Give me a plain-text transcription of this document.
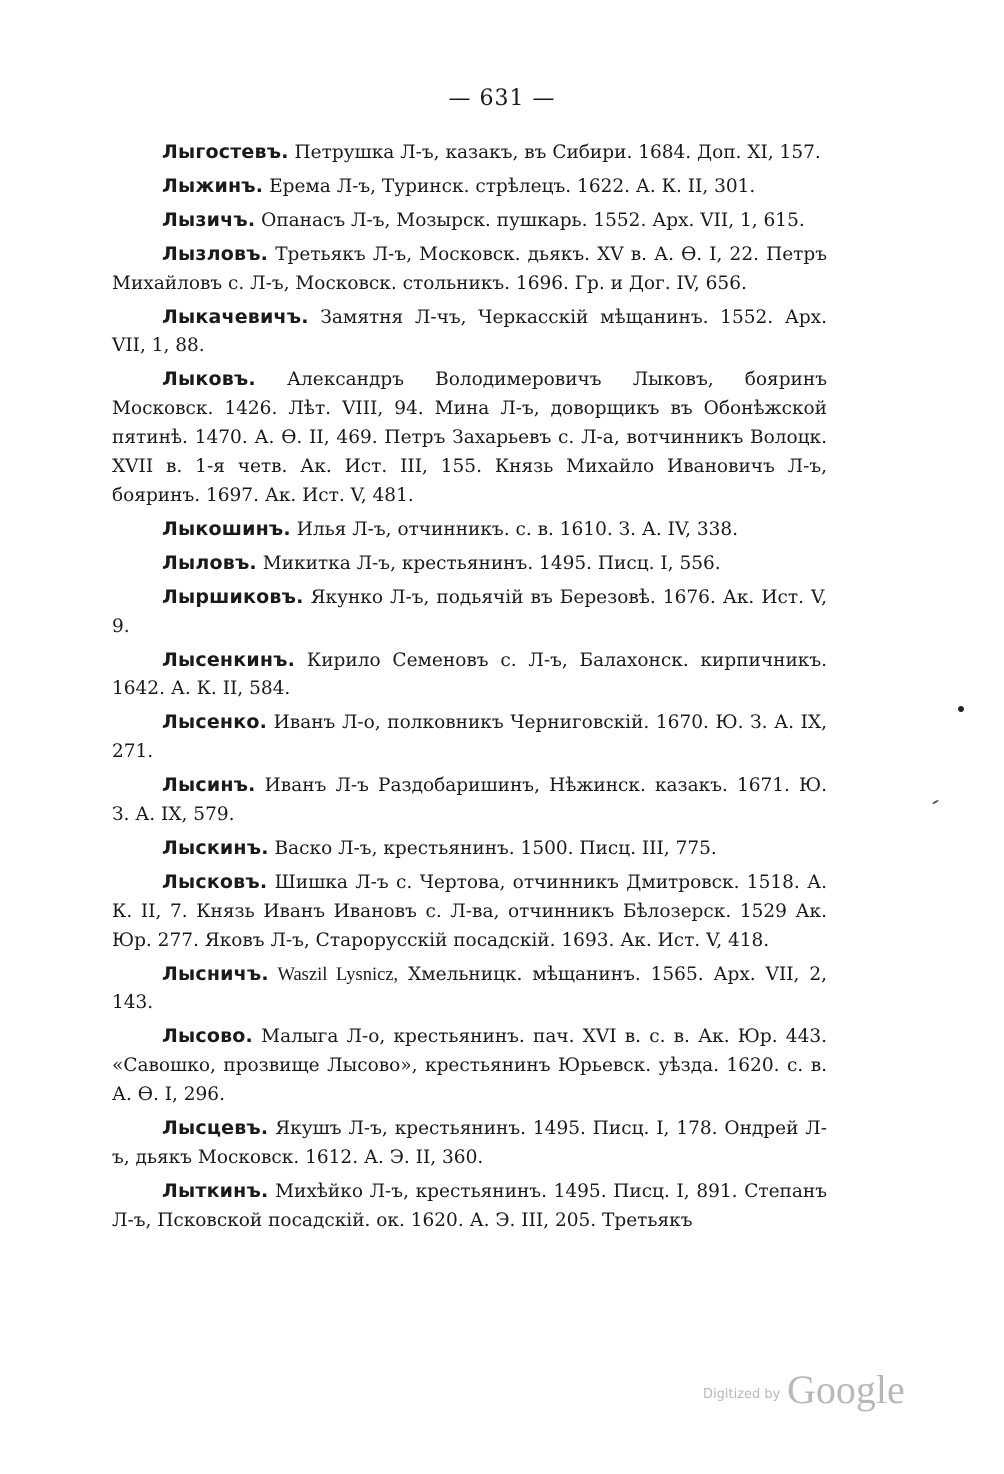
— 631 —

Лыгостевъ. Петрушка Л-ъ, казакъ, въ Сибири. 1684. Доп. XI, 157.

Лыжинъ. Ерема Л-ъ, Туринск. стрѣлецъ. 1622. А. К. II, 301.

Лызичъ. Опанасъ Л-ъ, Мозырск. пушкарь. 1552. Арх. VII, 1, 615.

Лызловъ. Третьякъ Л-ъ, Московск. дьякъ. XV в. А. Ѳ. I, 22. Петръ Михайловъ с. Л-ъ, Московск. стольникъ. 1696. Гр. и Дог. IV, 656.

Лыкачевичъ. Замятня Л-чъ, Черкасскій мѣщанинъ. 1552. Арх. VII, 1, 88.

Лыковъ. Александръ Володимеровичъ Лыковъ, бояринъ Московск. 1426. Лѣт. VIII, 94. Мина Л-ъ, доворщикъ въ Обонѣжской пятинѣ. 1470. А. Ѳ. II, 469. Петръ Захарьевъ с. Л-а, вотчинникъ Волоцк. XVII в. 1-я четв. Ак. Ист. III, 155. Князь Михайло Ивановичъ Л-ъ, бояринъ. 1697. Ак. Ист. V, 481.

Лыкошинъ. Илья Л-ъ, отчинникъ. с. в. 1610. З. А. IV, 338.

Лыловъ. Микитка Л-ъ, крестьянинъ. 1495. Писц. I, 556.

Лыршиковъ. Якунко Л-ъ, подьячій въ Березовѣ. 1676. Ак. Ист. V, 9.

Лысенкинъ. Кирило Семеновъ с. Л-ъ, Балахонск. кирпичникъ. 1642. А. К. II, 584.

Лысенко. Иванъ Л-о, полковникъ Черниговскій. 1670. Ю. З. А. IX, 271.

Лысинъ. Иванъ Л-ъ Раздобаришинъ, Нѣжинск. казакъ. 1671. Ю. З. А. IX, 579.

Лыскинъ. Васко Л-ъ, крестьянинъ. 1500. Писц. III, 775.

Лысковъ. Шишка Л-ъ с. Чертова, отчинникъ Дмитровск. 1518. А. К. II, 7. Князь Иванъ Ивановъ с. Л-ва, отчинникъ Бѣлозерск. 1529 Ак. Юр. 277. Яковъ Л-ъ, Старорусскій посадскій. 1693. Ак. Ист. V, 418.

Лысничъ. Waszil Lysnicz, Хмельницк. мѣщанинъ. 1565. Арх. VII, 2, 143.

Лысово. Малыга Л-о, крестьянинъ. пач. XVI в. с. в. Ак. Юр. 443. «Савошко, прозвище Лысово», крестьянинъ Юрьевск. уѣзда. 1620. с. в. А. Ѳ. I, 296.

Лысцевъ. Якушъ Л-ъ, крестьянинъ. 1495. Писц. I, 178. Ондрей Л-ъ, дьякъ Московск. 1612. А. Э. II, 360.

Лыткинъ. Михѣйко Л-ъ, крестьянинъ. 1495. Писц. I, 891. Степанъ Л-ъ, Псковской посадскій. ок. 1620. А. Э. III, 205. Третьякъ

Digitized by Google
